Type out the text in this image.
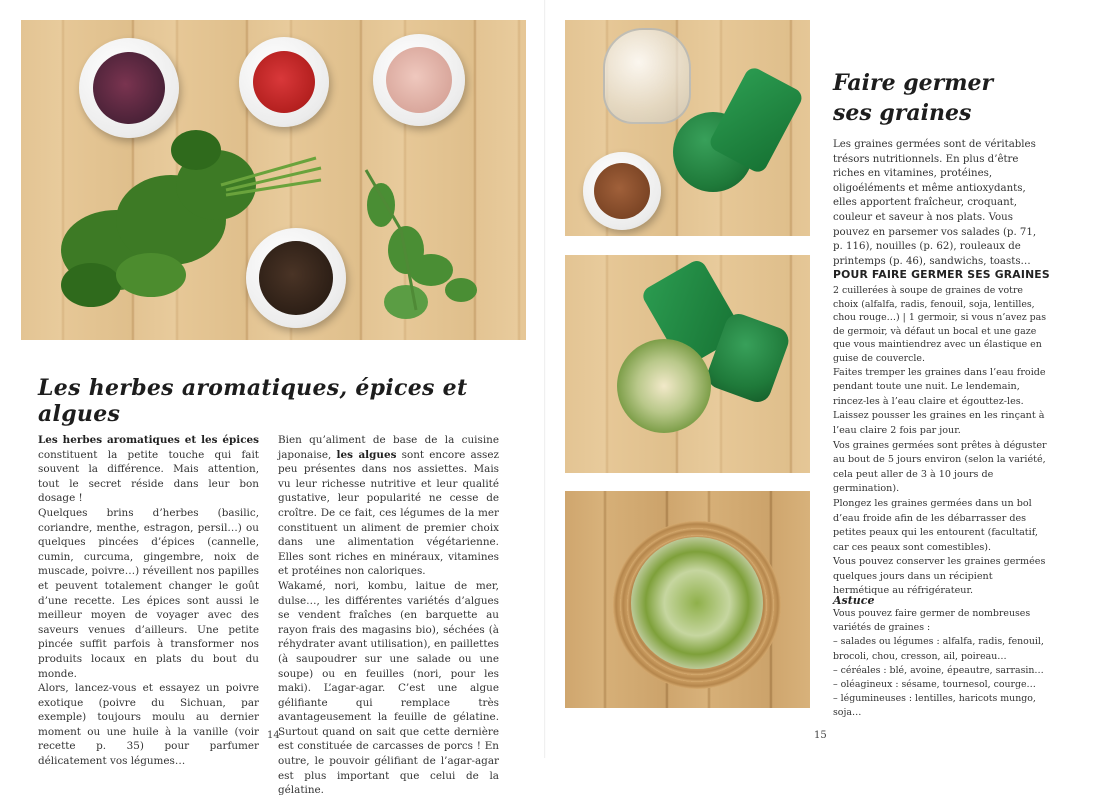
Les herbes aromatiques, épices et algues

Les herbes aromatiques et les épices constituent la petite touche qui fait souvent la différence. Mais attention, tout le secret réside dans leur bon dosage !

Quelques brins d’herbes (basilic, coriandre, menthe, estragon, persil…) ou quelques pincées d’épices (cannelle, cumin, curcuma, gingembre, noix de muscade, poivre…) réveillent nos papilles et peuvent totalement changer le goût d’une recette. Les épices sont aussi le meilleur moyen de voyager avec des saveurs venues d’ailleurs. Une petite pincée suffit parfois à transformer nos produits locaux en plats du bout du monde.

Alors, lancez-vous et essayez un poivre exotique (poivre du Sichuan, par exemple) toujours moulu au dernier moment ou une huile à la vanille (voir recette p. 35) pour parfumer délicatement vos légumes…

Bien qu’aliment de base de la cuisine japonaise, les algues sont encore assez peu présentes dans nos assiettes. Mais vu leur richesse nutritive et leur qualité gustative, leur popularité ne cesse de croître. De ce fait, ces légumes de la mer constituent un aliment de premier choix dans une alimentation végétarienne. Elles sont riches en minéraux, vitamines et protéines non caloriques.

Wakamé, nori, kombu, laitue de mer, dulse…, les différentes variétés d’algues se vendent fraîches (en barquette au rayon frais des magasins bio), séchées (à réhydrater avant utilisation), en paillettes (à saupoudrer sur une salade ou une soupe) ou en feuilles (nori, pour les maki). L’agar-agar. C’est une algue gélifiante qui remplace très avantageusement la feuille de gélatine. Surtout quand on sait que cette dernière est constituée de carcasses de porcs ! En outre, le pouvoir gélifiant de l’agar-agar est plus important que celui de la gélatine.

14
Faire germer
ses graines
Les graines germées sont de véritables trésors nutritionnels. En plus d’être riches en vitamines, protéines, oligoéléments et même antioxydants, elles apportent fraîcheur, croquant, couleur et saveur à nos plats. Vous pouvez en parsemer vos salades (p. 71, p. 116), nouilles (p. 62), rouleaux de printemps (p. 46), sandwichs, toasts…
POUR FAIRE GERMER SES GRAINES
2 cuillerées à soupe de graines de votre choix (alfalfa, radis, fenouil, soja, lentilles, chou rouge…) | 1 germoir, si vous n’avez pas de germoir, và défaut un bocal et une gaze que vous maintiendrez avec un élastique en guise de couvercle.

Faites tremper les graines dans l’eau froide pendant toute une nuit. Le lendemain, rincez-les à l’eau claire et égouttez-les.

Laissez pousser les graines en les rinçant à l’eau claire 2 fois par jour.

Vos graines germées sont prêtes à déguster au bout de 5 jours environ (selon la variété, cela peut aller de 3 à 10 jours de germination).

Plongez les graines germées dans un bol d’eau froide afin de les débarrasser des petites peaux qui les entourent (facultatif, car ces peaux sont comestibles).

Vous pouvez conserver les graines germées quelques jours dans un récipient hermétique au réfrigérateur.

Astuce
Vous pouvez faire germer de nombreuses variétés de graines :
– salades ou légumes : alfalfa, radis, fenouil, brocoli, chou, cresson, ail, poireau…
– céréales : blé, avoine, épeautre, sarrasin…
– oléagineux : sésame, tournesol, courge…
– légumineuses : lentilles, haricots mungo, soja…
15
